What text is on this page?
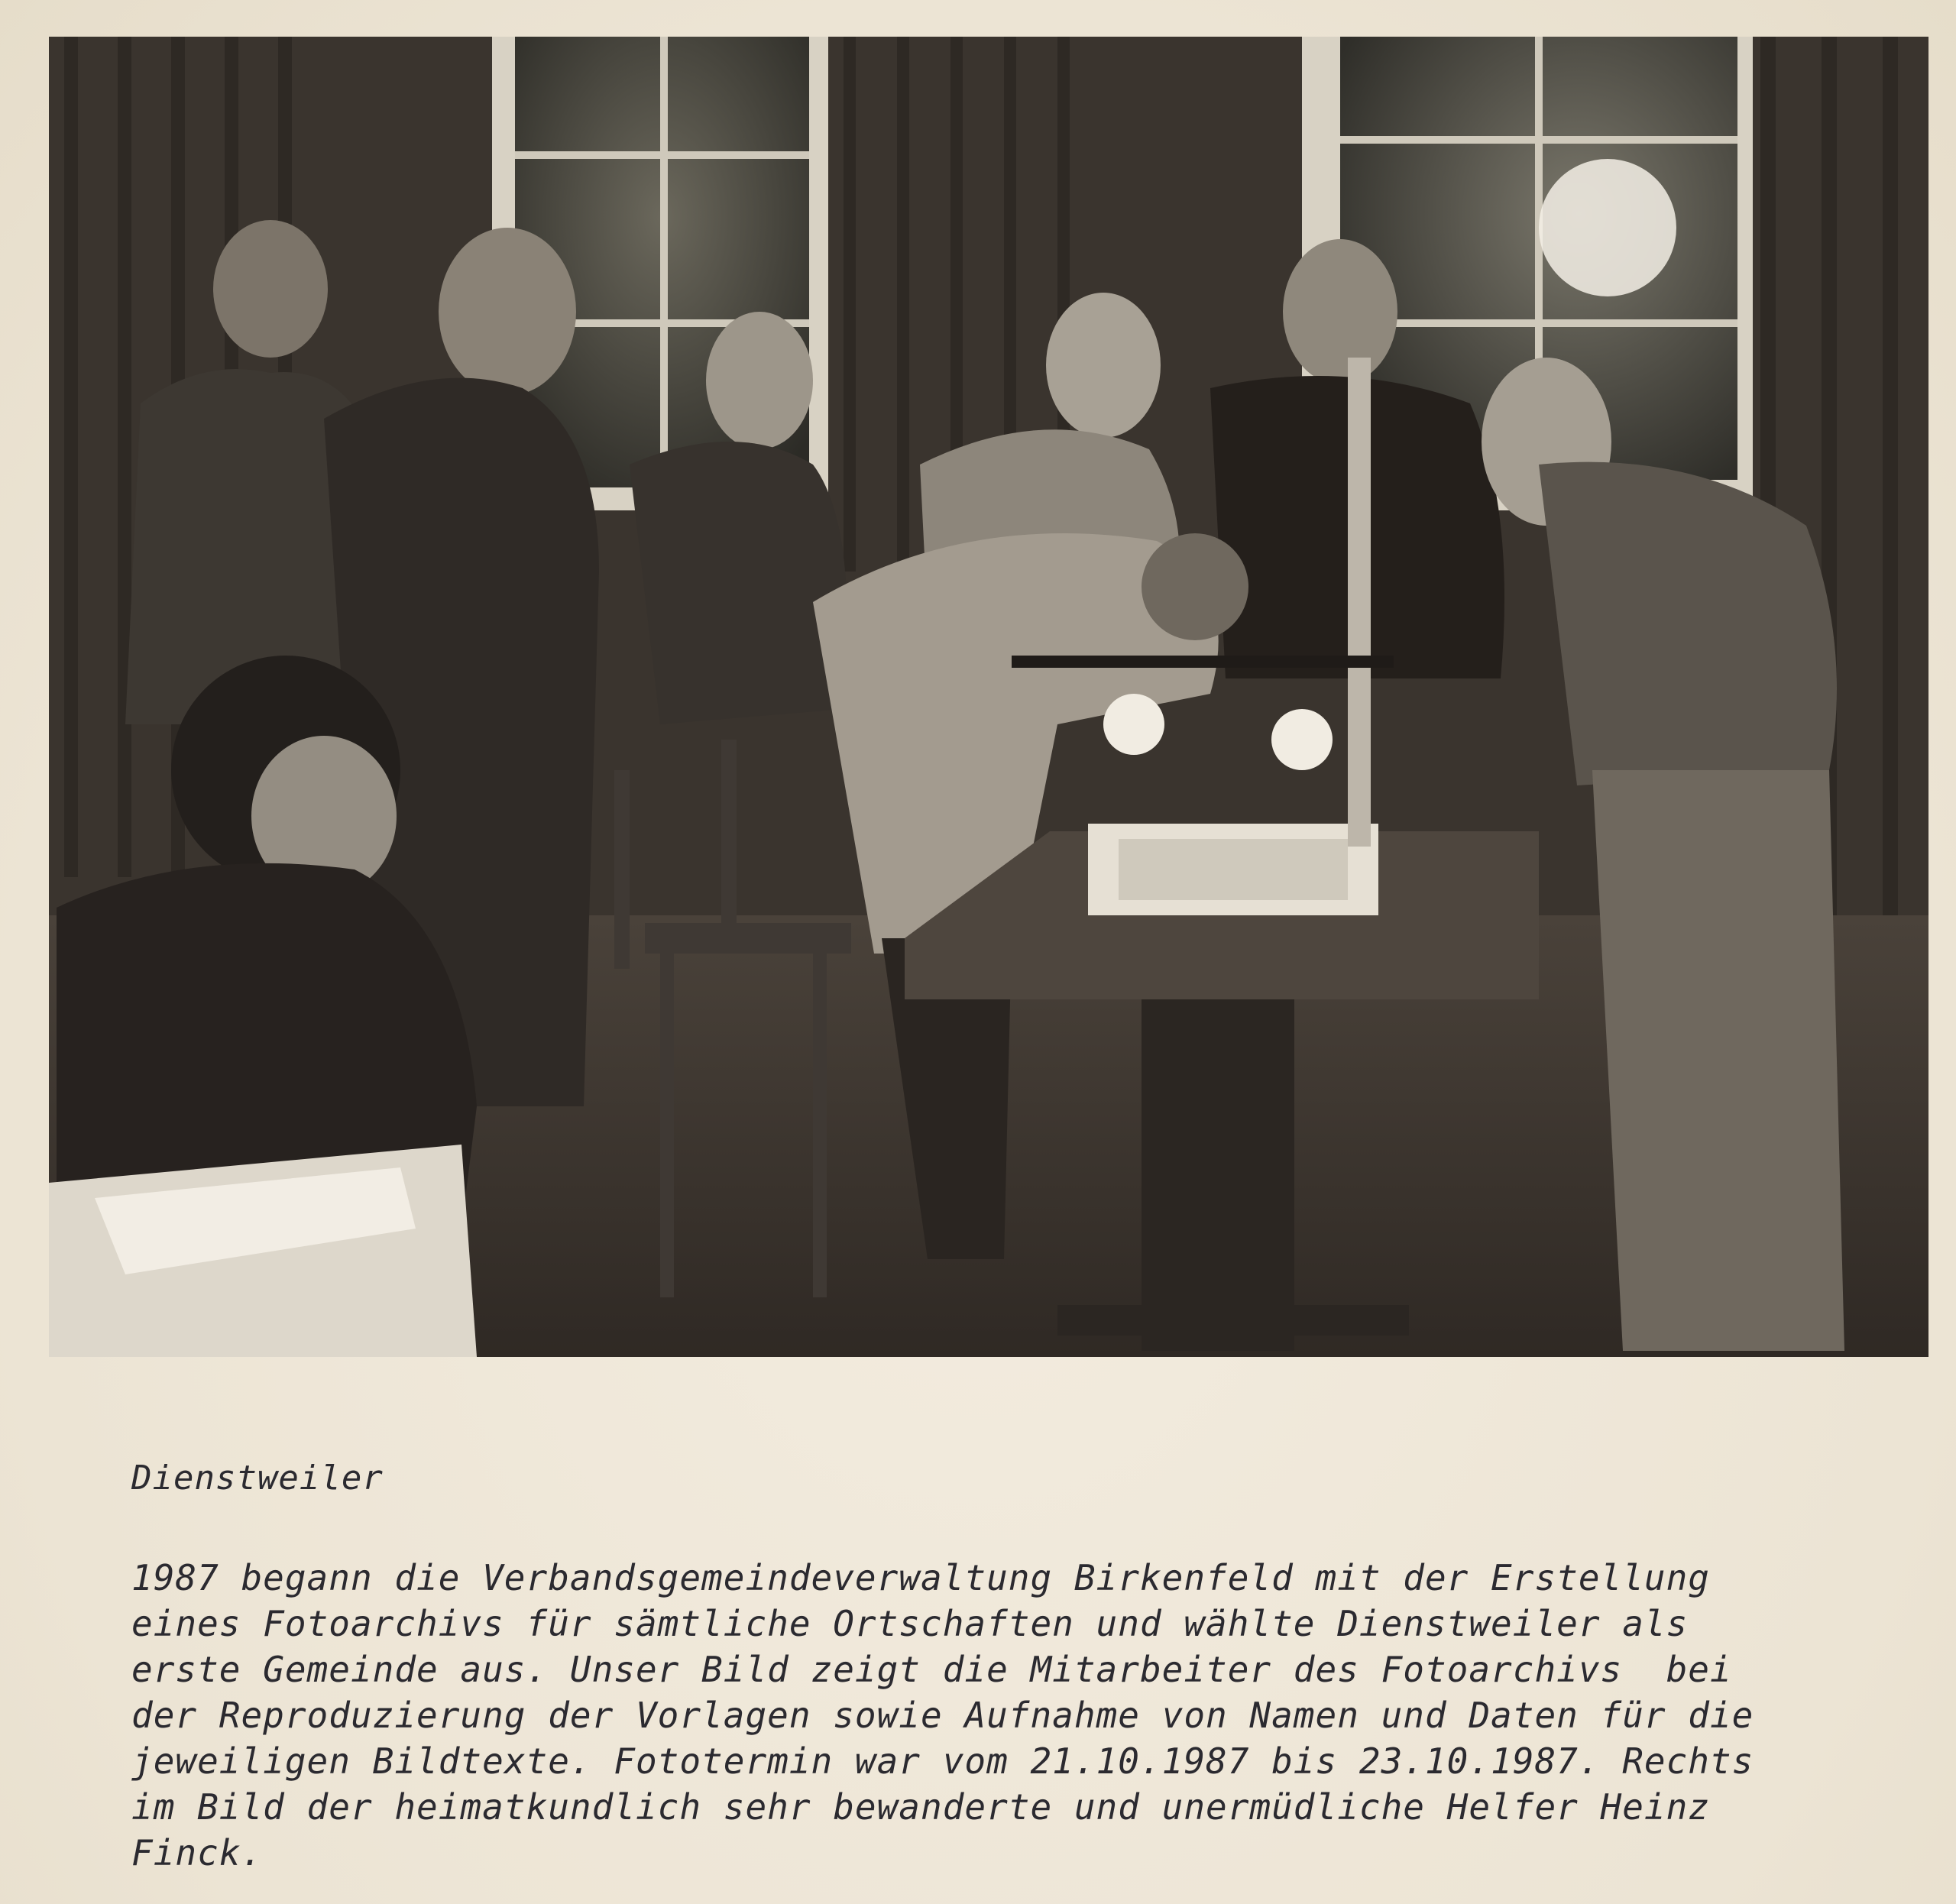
Dienstweiler

1987 begann die Verbandsgemeindeverwaltung Birkenfeld mit der Erstellung
eines Fotoarchivs für sämtliche Ortschaften und wählte Dienstweiler als
erste Gemeinde aus. Unser Bild zeigt die Mitarbeiter des Fotoarchivs  bei
der Reproduzierung der Vorlagen sowie Aufnahme von Namen und Daten für die
jeweiligen Bildtexte. Fototermin war vom 21.10.1987 bis 23.10.1987. Rechts
im Bild der heimatkundlich sehr bewanderte und unermüdliche Helfer Heinz
Finck.
